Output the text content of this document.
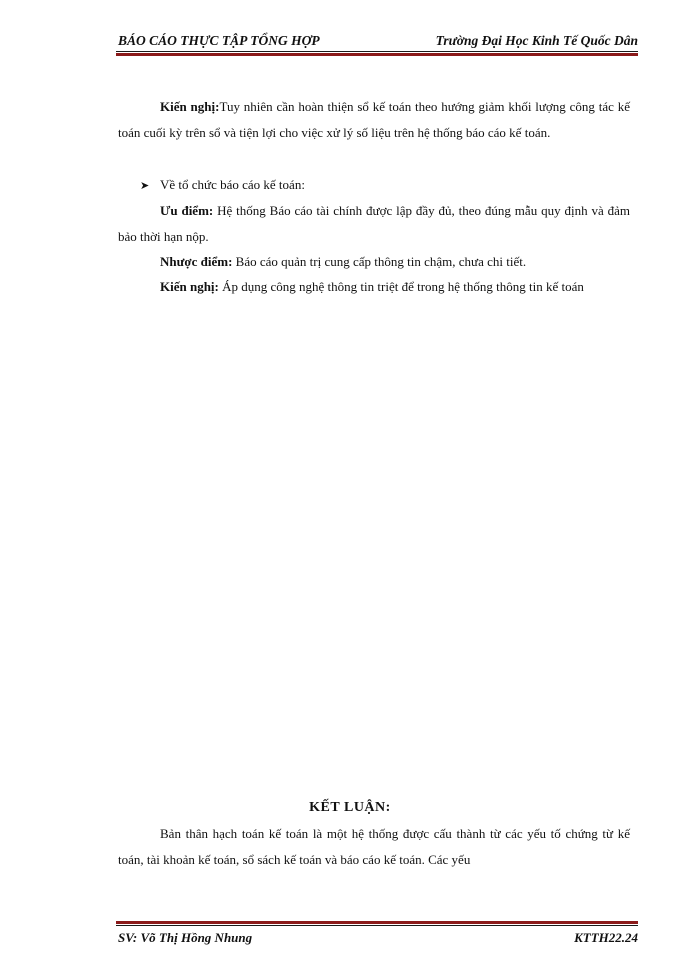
BÁO CÁO THỰC TẬP TỔNG HỢP	Trường Đại Học Kinh Tế Quốc Dân

Kiến nghị:Tuy nhiên cần hoàn thiện sổ kế toán theo hướng giảm khối lượng công tác kế toán cuối kỳ trên sổ và tiện lợi cho việc xử lý số liệu trên hệ thống báo cáo kế toán.

➤ Về tổ chức báo cáo kế toán:

Ưu điểm: Hệ thống Báo cáo tài chính được lập đầy đủ, theo đúng mẫu quy định và đảm bảo thời hạn nộp.

Nhược điểm: Báo cáo quản trị cung cấp thông tin chậm, chưa chi tiết.

Kiến nghị: Áp dụng công nghệ thông tin triệt để trong hệ thống thông tin kế toán

KẾT LUẬN:

Bản thân hạch toán kế toán là một hệ thống được cấu thành từ các yếu tố chứng từ kế toán, tài khoản kế toán, sổ sách kế toán và báo cáo kế toán. Các yếu

SV: Võ Thị Hồng Nhung	KTTH22.24
